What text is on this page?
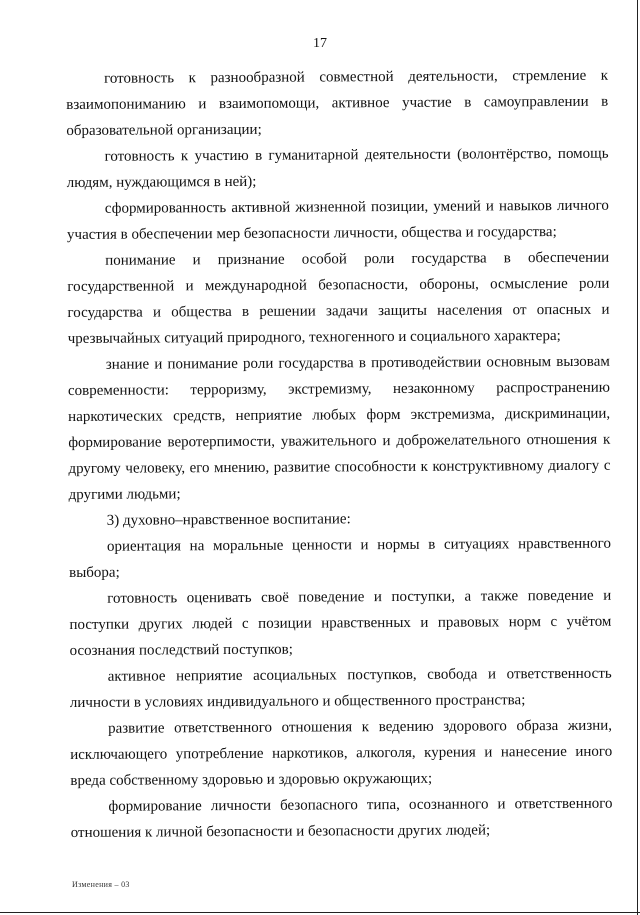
17

готовность к разнообразной совместной деятельности, стремление к взаимопониманию и взаимопомощи, активное участие в самоуправлении в образовательной организации;

готовность к участию в гуманитарной деятельности (волонтёрство, помощь людям, нуждающимся в ней);

сформированность активной жизненной позиции, умений и навыков личного участия в обеспечении мер безопасности личности, общества и государства;

понимание и признание особой роли государства в обеспечении государственной и международной безопасности, обороны, осмысление роли государства и общества в решении задачи защиты населения от опасных и чрезвычайных ситуаций природного, техногенного и социального характера;

знание и понимание роли государства в противодействии основным вызовам современности: терроризму, экстремизму, незаконному распространению наркотических средств, неприятие любых форм экстремизма, дискриминации, формирование веротерпимости, уважительного и доброжелательного отношения к другому человеку, его мнению, развитие способности к конструктивному диалогу с другими людьми;

3) духовно–нравственное воспитание:

ориентация на моральные ценности и нормы в ситуациях нравственного выбора;

готовность оценивать своё поведение и поступки, а также поведение и поступки других людей с позиции нравственных и правовых норм с учётом осознания последствий поступков;

активное неприятие асоциальных поступков, свобода и ответственность личности в условиях индивидуального и общественного пространства;

развитие ответственного отношения к ведению здорового образа жизни, исключающего употребление наркотиков, алкоголя, курения и нанесение иного вреда собственному здоровью и здоровью окружающих;

формирование личности безопасного типа, осознанного и ответственного отношения к личной безопасности и безопасности других людей;

Изменения – 03
